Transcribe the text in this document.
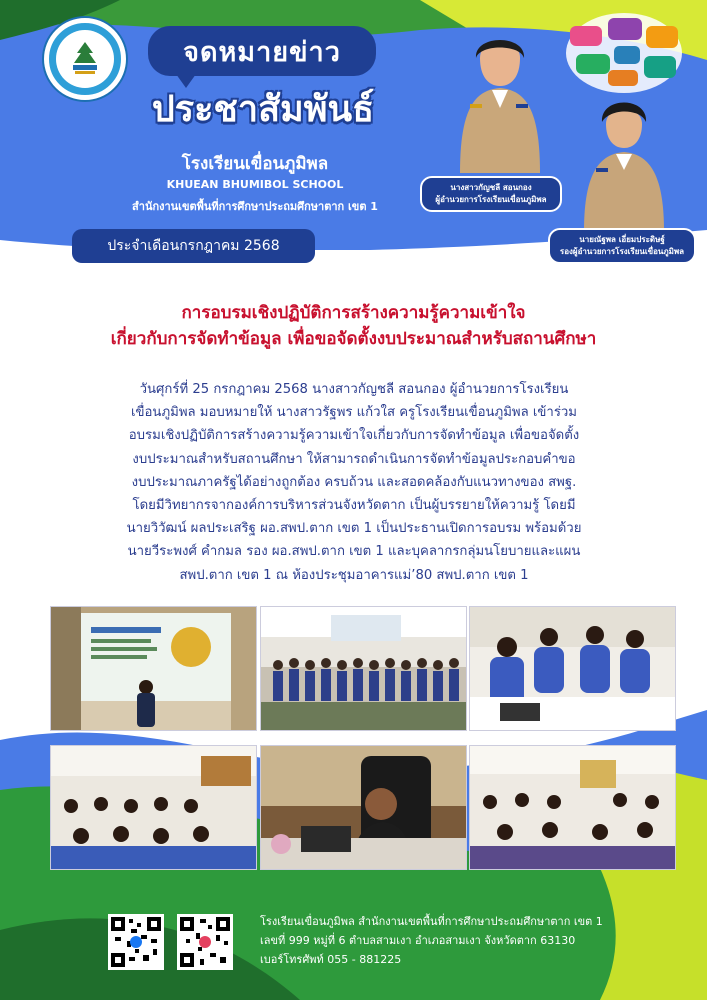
จดหมายข่าว
ประชาสัมพันธ์
โรงเรียนเขื่อนภูมิพล
KHUEAN BHUMIBOL SCHOOL
สำนักงานเขตพื้นที่การศึกษาประถมศึกษาตาก เขต 1
ประจำเดือนกรกฎาคม 2568
นางสาวกัญชลี สอนกอง
ผู้อำนวยการโรงเรียนเขื่อนภูมิพล
นายณัฐพล เอี่ยมประดิษฐ์
รองผู้อำนวยการโรงเรียนเขื่อนภูมิพล
การอบรมเชิงปฏิบัติการสร้างความรู้ความเข้าใจ
เกี่ยวกับการจัดทำข้อมูล เพื่อขอจัดตั้งงบประมาณสำหรับสถานศึกษา
วันศุกร์ที่ 25 กรกฎาคม 2568 นางสาวกัญชลี สอนกอง ผู้อำนวยการโรงเรียน
เขื่อนภูมิพล มอบหมายให้ นางสาวรัฐพร แก้วใส ครูโรงเรียนเขื่อนภูมิพล เข้าร่วม
อบรมเชิงปฏิบัติการสร้างความรู้ความเข้าใจเกี่ยวกับการจัดทำข้อมูล เพื่อขอจัดตั้ง
งบประมาณสำหรับสถานศึกษา ให้สามารถดำเนินการจัดทำข้อมูลประกอบคำขอ
งบประมาณภาครัฐได้อย่างถูกต้อง ครบถ้วน และสอดคล้องกับแนวทางของ สพฐ.
โดยมีวิทยากรจากองค์การบริหารส่วนจังหวัดตาก เป็นผู้บรรยายให้ความรู้ โดยมี
นายวิวัฒน์ ผลประเสริฐ ผอ.สพป.ตาก เขต 1 เป็นประธานเปิดการอบรม พร้อมด้วย
นายวีระพงศ์ คำกมล รอง ผอ.สพป.ตาก เขต 1 และบุคลากรกลุ่มนโยบายและแผน
สพป.ตาก เขต 1 ณ ห้องประชุมอาคารแม่’80 สพป.ตาก เขต 1
โรงเรียนเขื่อนภูมิพล สำนักงานเขตพื้นที่การศึกษาประถมศึกษาตาก เขต 1
เลขที่ 999 หมู่ที่ 6 ตำบลสามเงา อำเภอสามเงา จังหวัดตาก 63130
เบอร์โทรศัพท์ 055 - 881225
